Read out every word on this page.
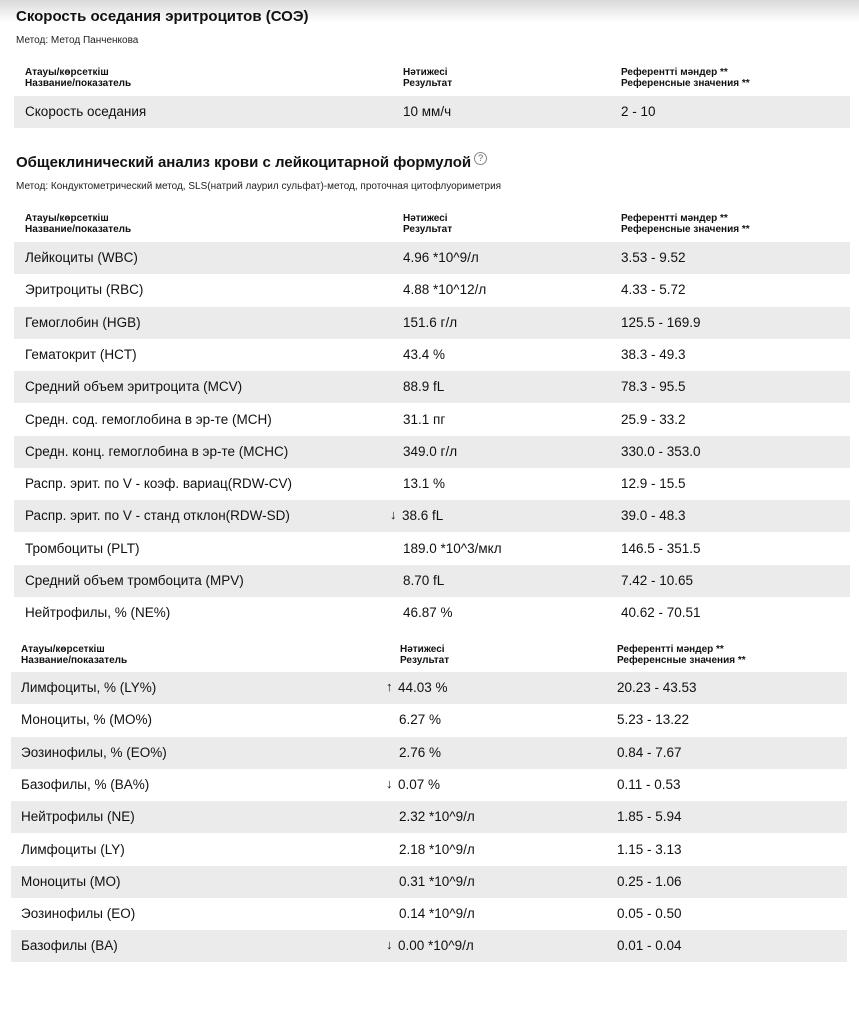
Скорость оседания эритроцитов (СОЭ)
Метод: Метод Панченкова
Атауы/көрсеткіш
Название/показатель
Нәтижесі
Результат
Референтті мәндер **
Референсные значения **
Скорость оседания	10 мм/ч	2 - 10
Общеклинический анализ крови с лейкоцитарной формулой ?
Метод: Кондуктометрический метод, SLS(натрий лаурил сульфат)-метод, проточная цитофлуориметрия
Атауы/көрсеткіш
Название/показатель
Нәтижесі
Результат
Референтті мәндер **
Референсные значения **
Лейкоциты (WBC)	4.96 *10^9/л	3.53 - 9.52
Эритроциты (RBC)	4.88 *10^12/л	4.33 - 5.72
Гемоглобин (HGB)	151.6 г/л	125.5 - 169.9
Гематокрит (HCT)	43.4 %	38.3 - 49.3
Средний объем эритроцита (MCV)	88.9 fL	78.3 - 95.5
Средн. сод. гемоглобина в эр-те (MCH)	31.1 пг	25.9 - 33.2
Средн. конц. гемоглобина в эр-те (MCHC)	349.0 г/л	330.0 - 353.0
Распр. эрит. по V - коэф. вариац(RDW-CV)	13.1 %	12.9 - 15.5
Распр. эрит. по V - станд отклон(RDW-SD)	↓ 38.6 fL	39.0 - 48.3
Тромбоциты (PLT)	189.0 *10^3/мкл	146.5 - 351.5
Средний объем тромбоцита (MPV)	8.70 fL	7.42 - 10.65
Нейтрофилы, % (NE%)	46.87 %	40.62 - 70.51
Атауы/көрсеткіш
Название/показатель
Нәтижесі
Результат
Референтті мәндер **
Референсные значения **
Лимфоциты, % (LY%)	↑ 44.03 %	20.23 - 43.53
Моноциты, % (MO%)	6.27 %	5.23 - 13.22
Эозинофилы, % (EO%)	2.76 %	0.84 - 7.67
Базофилы, % (BA%)	↓ 0.07 %	0.11 - 0.53
Нейтрофилы (NE)	2.32 *10^9/л	1.85 - 5.94
Лимфоциты (LY)	2.18 *10^9/л	1.15 - 3.13
Моноциты (MO)	0.31 *10^9/л	0.25 - 1.06
Эозинофилы (EO)	0.14 *10^9/л	0.05 - 0.50
Базофилы (BA)	↓ 0.00 *10^9/л	0.01 - 0.04
